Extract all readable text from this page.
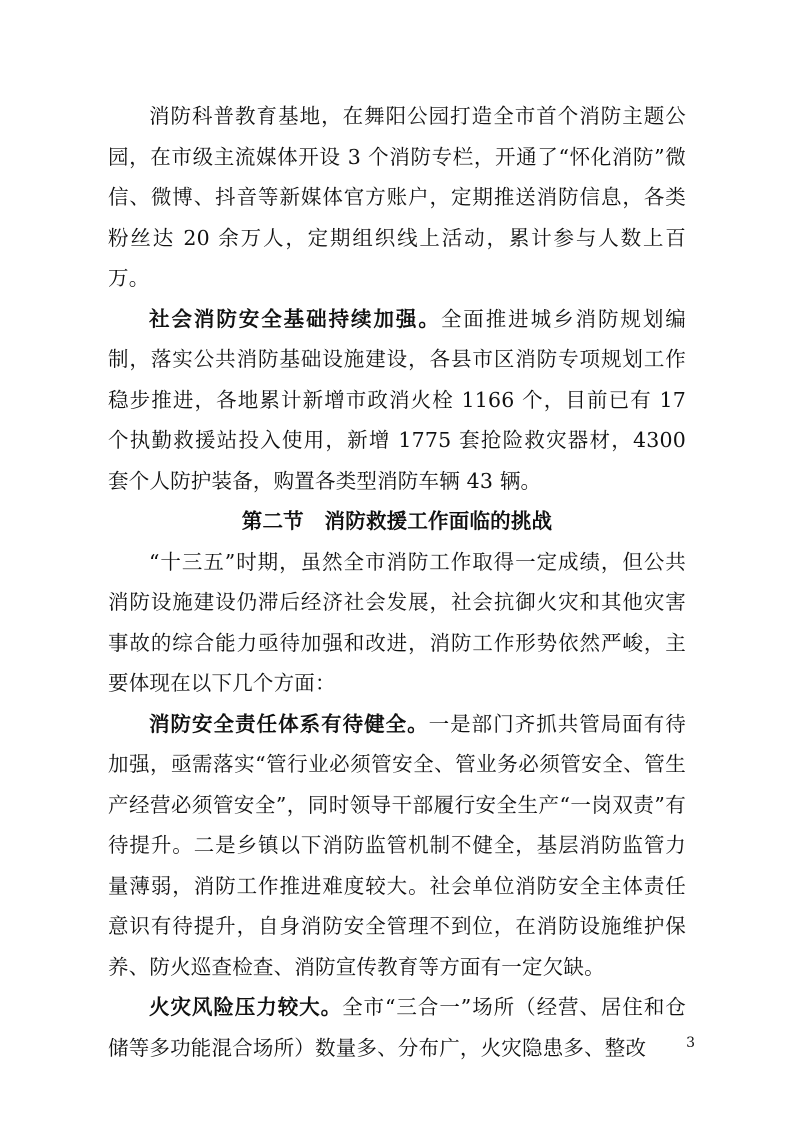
消防科普教育基地，在舞阳公园打造全市首个消防主题公园，在市级主流媒体开设 3 个消防专栏，开通了“怀化消防”微信、微博、抖音等新媒体官方账户，定期推送消防信息，各类粉丝达 20 余万人，定期组织线上活动，累计参与人数上百万。

社会消防安全基础持续加强。全面推进城乡消防规划编制，落实公共消防基础设施建设，各县市区消防专项规划工作稳步推进，各地累计新增市政消火栓 1166 个，目前已有 17 个执勤救援站投入使用，新增 1775 套抢险救灾器材，4300 套个人防护装备，购置各类型消防车辆 43 辆。

第二节　消防救援工作面临的挑战

“十三五”时期，虽然全市消防工作取得一定成绩，但公共消防设施建设仍滞后经济社会发展，社会抗御火灾和其他灾害事故的综合能力亟待加强和改进，消防工作形势依然严峻，主要体现在以下几个方面：

消防安全责任体系有待健全。一是部门齐抓共管局面有待加强，亟需落实“管行业必须管安全、管业务必须管安全、管生产经营必须管安全”，同时领导干部履行安全生产“一岗双责”有待提升。二是乡镇以下消防监管机制不健全，基层消防监管力量薄弱，消防工作推进难度较大。社会单位消防安全主体责任意识有待提升，自身消防安全管理不到位，在消防设施维护保养、防火巡查检查、消防宣传教育等方面有一定欠缺。

火灾风险压力较大。全市“三合一”场所（经营、居住和仓储等多功能混合场所）数量多、分布广，火灾隐患多、整改	3
